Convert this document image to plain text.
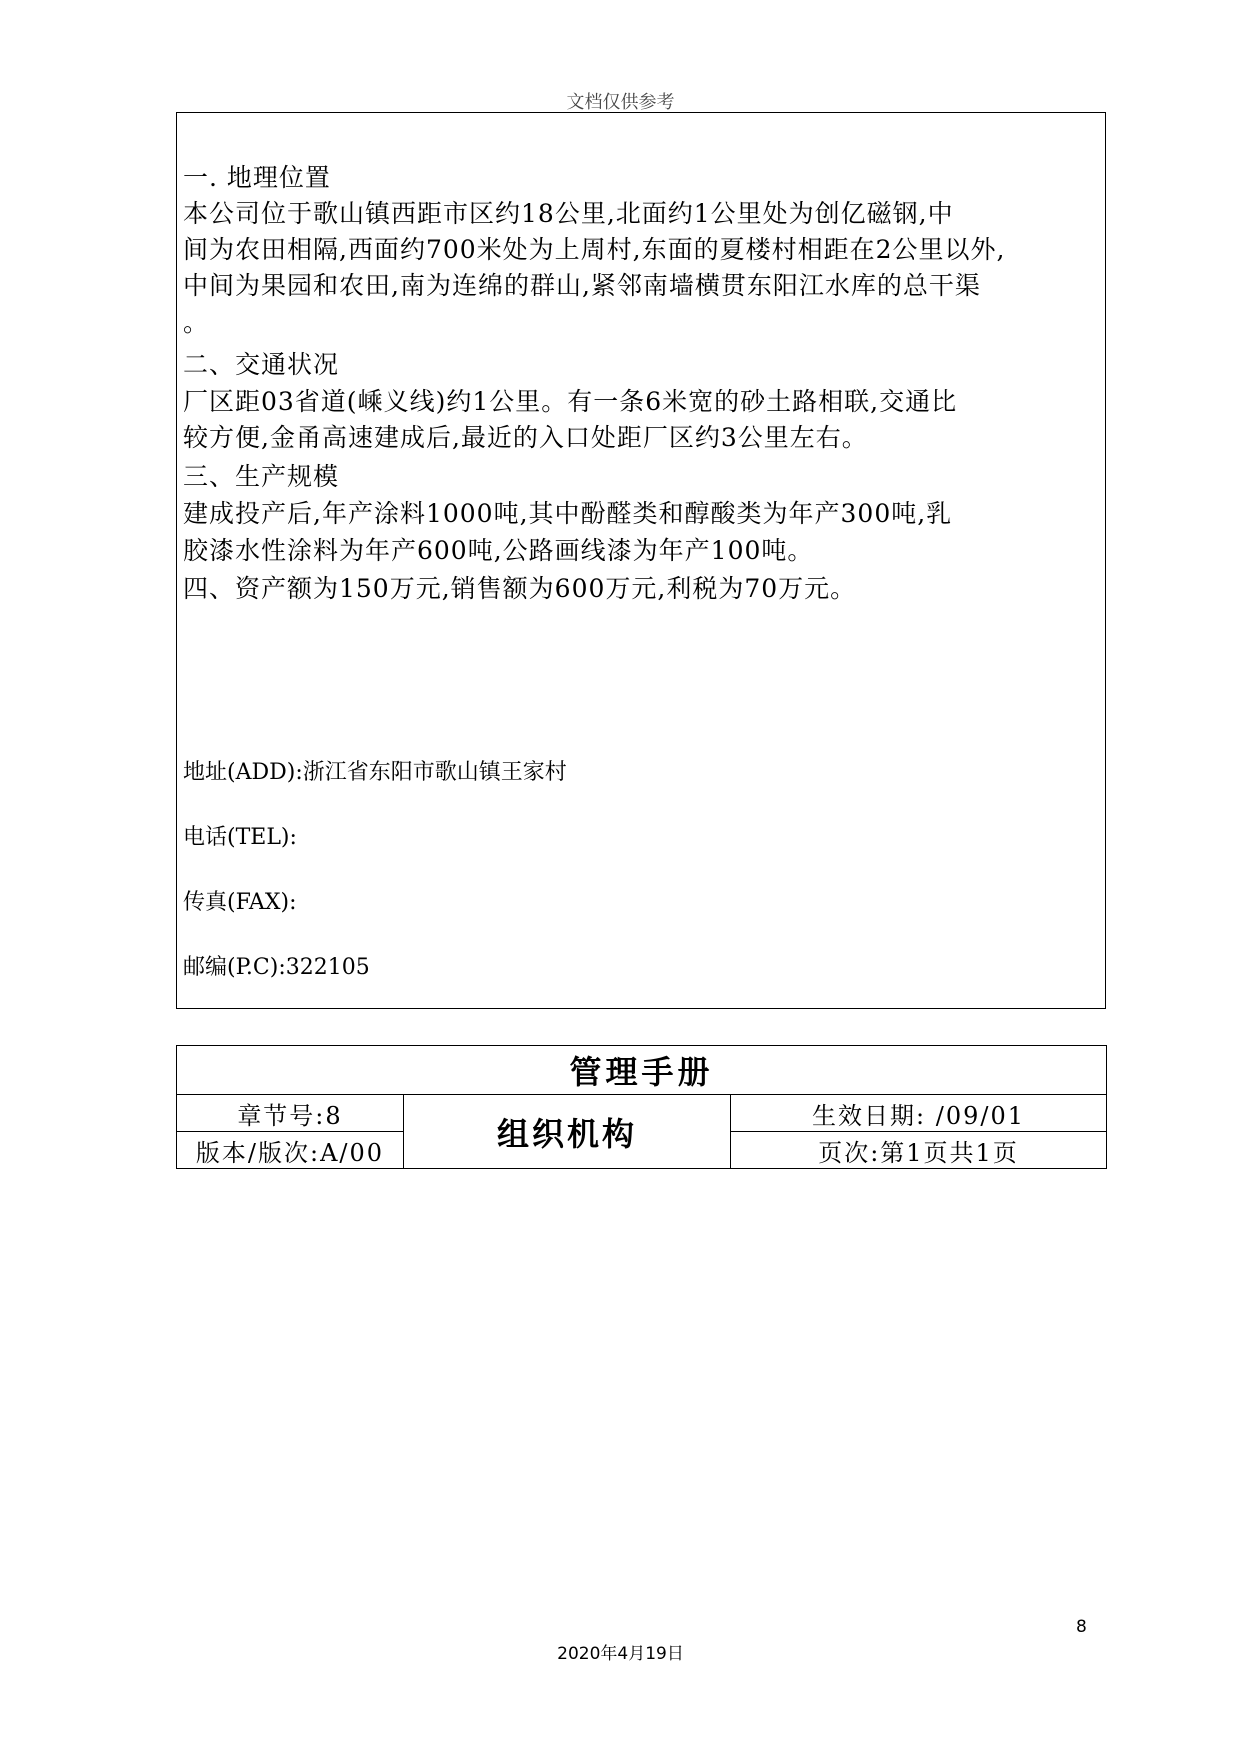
文档仅供参考
一. 地理位置
本公司位于歌山镇西距市区约18公里,北面约1公里处为创亿磁钢,中
间为农田相隔,西面约700米处为上周村,东面的夏楼村相距在2公里以外,
中间为果园和农田,南为连绵的群山,紧邻南墙横贯东阳江水库的总干渠
。
二、交通状况
厂区距03省道(嵊义线)约1公里。有一条6米宽的砂土路相联,交通比
较方便,金甬高速建成后,最近的入口处距厂区约3公里左右。
三、生产规模
建成投产后,年产涂料1000吨,其中酚醛类和醇酸类为年产300吨,乳
胶漆水性涂料为年产600吨,公路画线漆为年产100吨。
四、资产额为150万元,销售额为600万元,利税为70万元。
地址(ADD):浙江省东阳市歌山镇王家村
电话(TEL):
传真(FAX):
邮编(P.C):322105
管理手册		
章节号:8	组织机构	生效日期: /09/01
版本/版次:A/00		页次:第1页共1页
8
2020年4月19日
